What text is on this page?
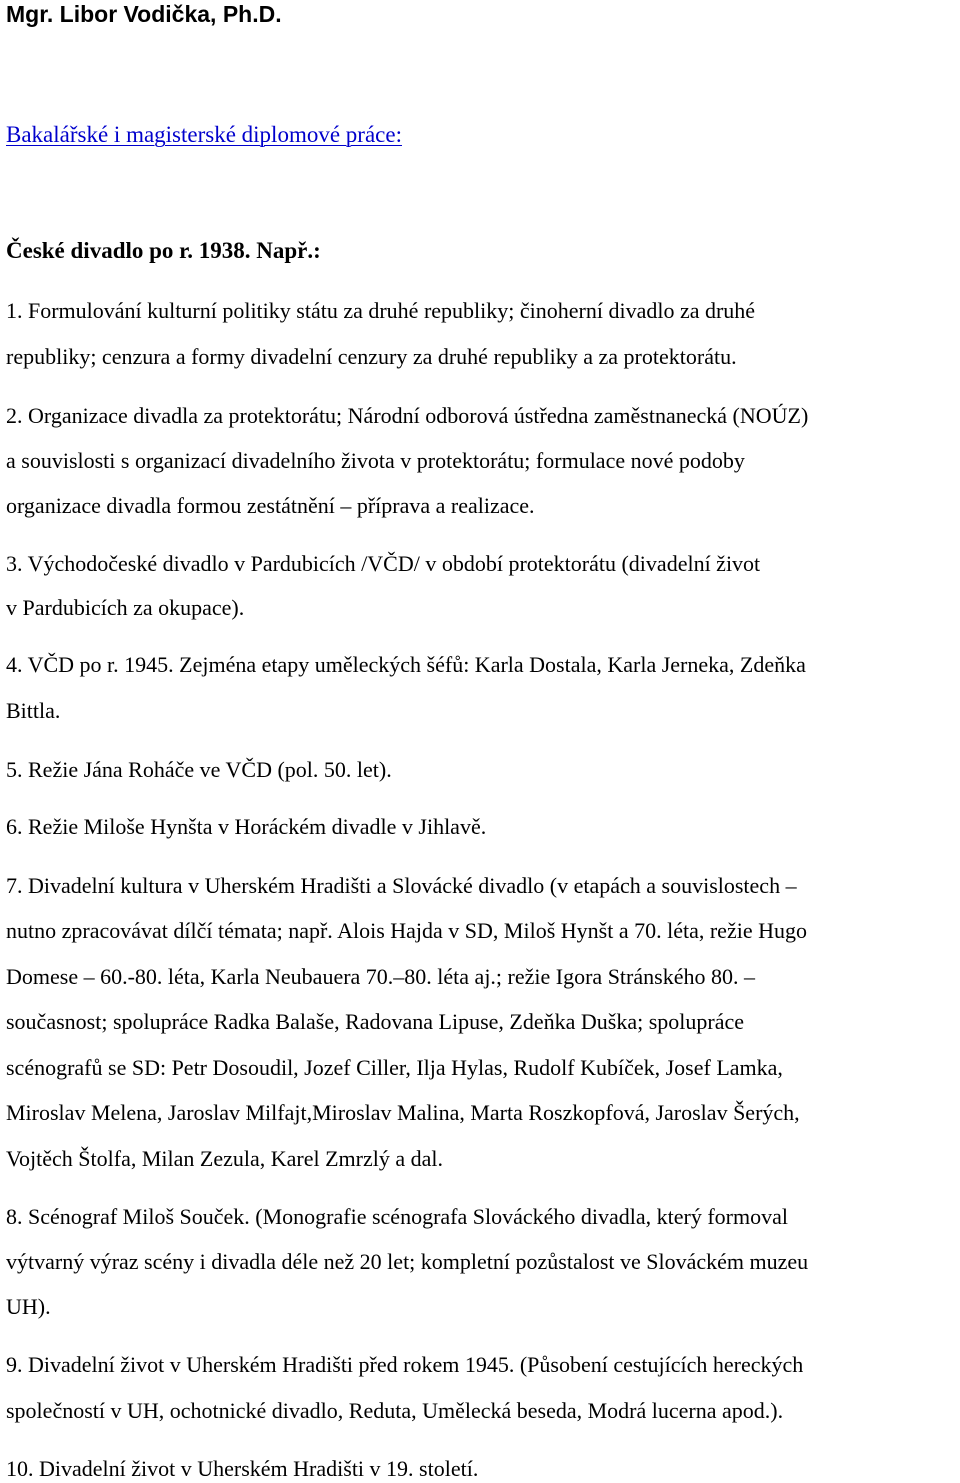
Mgr. Libor Vodička, Ph.D.

Bakalářské i magisterské diplomové práce:

České divadlo po r. 1938. Např.:

1. Formulování kulturní politiky státu za druhé republiky; činoherní divadlo za druhé

republiky; cenzura a formy divadelní cenzury za druhé republiky a za protektorátu.

2. Organizace divadla za protektorátu; Národní odborová ústředna zaměstnanecká (NOÚZ)

a souvislosti s organizací divadelního života v protektorátu; formulace nové podoby

organizace divadla formou zestátnění – příprava a realizace.

3. Východočeské divadlo v Pardubicích /VČD/ v období protektorátu (divadelní život

v Pardubicích za okupace).

4. VČD po r. 1945. Zejména etapy uměleckých šéfů: Karla Dostala, Karla Jerneka, Zdeňka

Bittla.

5. Režie Jána Roháče ve VČD (pol. 50. let).

6. Režie Miloše Hynšta v Horáckém divadle v Jihlavě.

7. Divadelní kultura v Uherském Hradišti a Slovácké divadlo (v etapách a souvislostech –

nutno zpracovávat dílčí témata; např. Alois Hajda v SD, Miloš Hynšt a 70. léta, režie Hugo

Domese – 60.-80. léta, Karla Neubauera 70.–80. léta aj.; režie Igora Stránského 80. –

současnost; spolupráce Radka Balaše, Radovana Lipuse, Zdeňka Duška; spolupráce

scénografů se SD: Petr Dosoudil, Jozef Ciller, Ilja Hylas, Rudolf Kubíček, Josef Lamka,

Miroslav Melena, Jaroslav Milfajt,Miroslav Malina, Marta Roszkopfová, Jaroslav Šerých,

Vojtěch Štolfa, Milan Zezula, Karel Zmrzlý a dal.

8. Scénograf Miloš Souček. (Monografie scénografa Slováckého divadla, který formoval

výtvarný výraz scény i divadla déle než 20 let; kompletní pozůstalost ve Slováckém muzeu

UH).

9. Divadelní život v Uherském Hradišti před rokem 1945. (Působení cestujících hereckých

společností v UH, ochotnické divadlo, Reduta, Umělecká beseda, Modrá lucerna apod.).

10. Divadelní život v Uherském Hradišti v 19. století.
